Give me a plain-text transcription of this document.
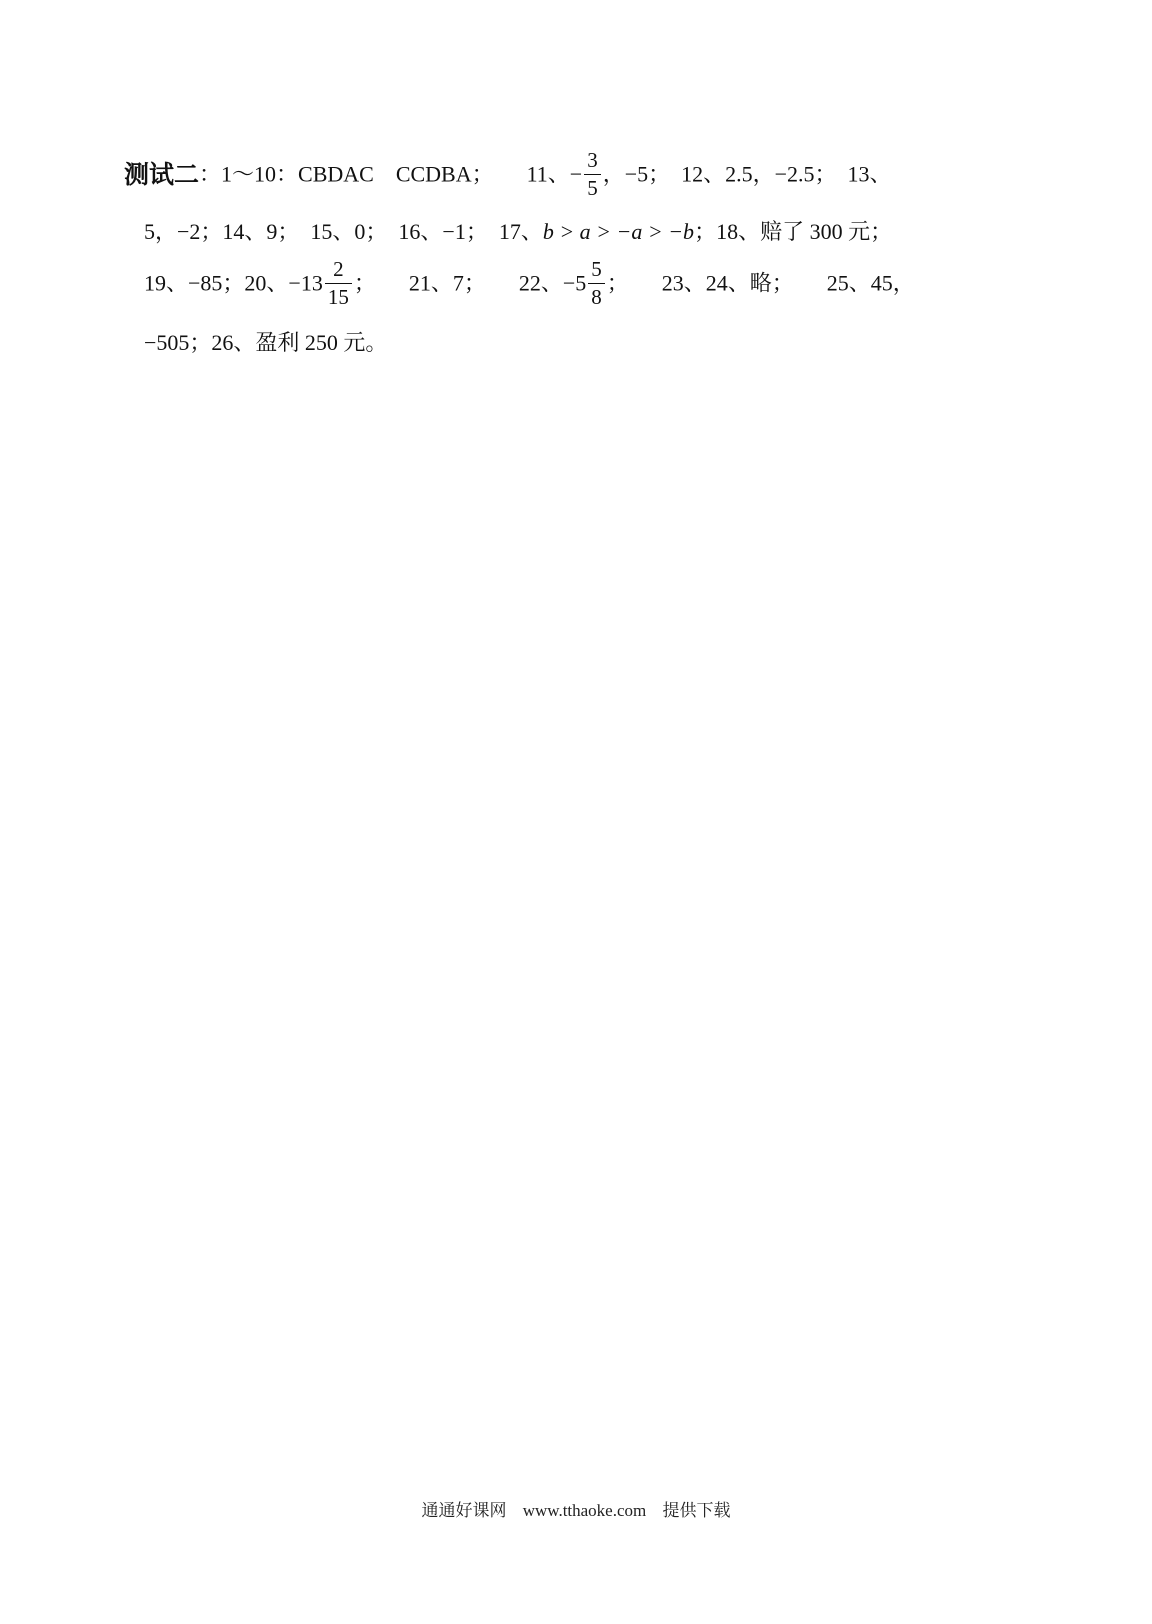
测试二：1～10：CBDAC　CCDBA；　　11、− $\frac{3}{5}$ ，−5；　12、2.5，−2.5；　13、
5，−2；14、9；　15、0；　16、−1；　17、b > a > −a > −b；18、赔了 300 元；
19、−85；20、$-13 \frac{2}{15}$ ；　　21、7；　　22、$-5 \frac{5}{8}$ ；　　23、24、略；　　25、45，
−505；26、盈利 250 元。
通通好课网 www.tthaoke.com 提供下载
